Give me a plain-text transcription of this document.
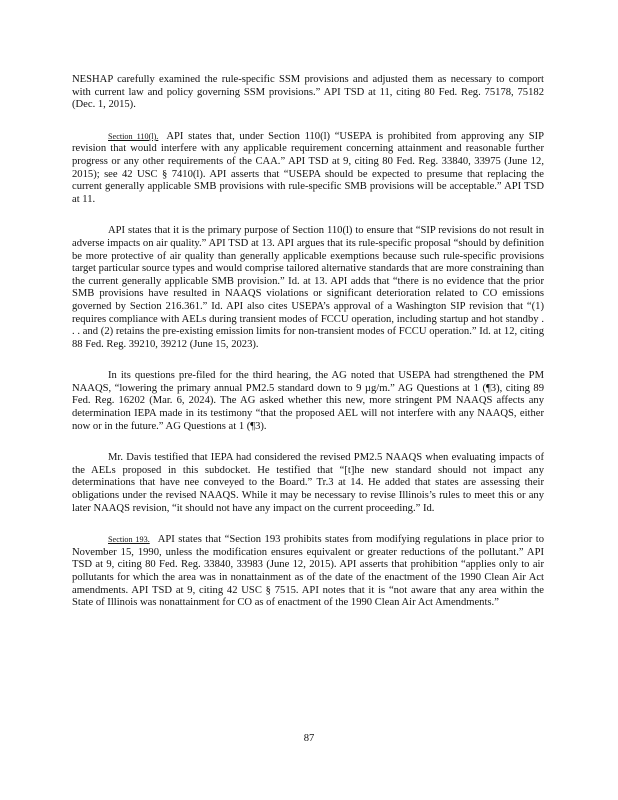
NESHAP carefully examined the rule-specific SSM provisions and adjusted them as necessary to comport with current law and policy governing SSM provisions.” API TSD at 11, citing 80 Fed. Reg. 75178, 75182 (Dec. 1, 2015).

Section 110(l). API states that, under Section 110(l) “USEPA is prohibited from approving any SIP revision that would interfere with any applicable requirement concerning attainment and reasonable further progress or any other requirements of the CAA.” API TSD at 9, citing 80 Fed. Reg. 33840, 33975 (June 12, 2015); see 42 USC § 7410(l). API asserts that “USEPA should be expected to presume that replacing the current generally applicable SMB provisions with rule-specific SMB provisions will be acceptable.” API TSD at 11.

API states that it is the primary purpose of Section 110(l) to ensure that “SIP revisions do not result in adverse impacts on air quality.” API TSD at 13. API argues that its rule-specific proposal “should by definition be more protective of air quality than generally applicable exemptions because such rule-specific provisions target particular source types and would comprise tailored alternative standards that are more constraining than the current generally applicable SMB provision.” Id. at 13. API adds that “there is no evidence that the prior SMB provisions have resulted in NAAQS violations or significant deterioration related to CO emissions governed by Section 216.361.” Id. API also cites USEPA’s approval of a Washington SIP revision that “(1) requires compliance with AELs during transient modes of FCCU operation, including startup and hot standby . . . and (2) retains the pre-existing emission limits for non-transient modes of FCCU operation.” Id. at 12, citing 88 Fed. Reg. 39210, 39212 (June 15, 2023).

In its questions pre-filed for the third hearing, the AG noted that USEPA had strengthened the PM NAAQS, “lowering the primary annual PM2.5 standard down to 9 µg/m.” AG Questions at 1 (¶3), citing 89 Fed. Reg. 16202 (Mar. 6, 2024). The AG asked whether this new, more stringent PM NAAQS affects any determination IEPA made in its testimony “that the proposed AEL will not interfere with any NAAQS, either now or in the future.” AG Questions at 1 (¶3).

Mr. Davis testified that IEPA had considered the revised PM2.5 NAAQS when evaluating impacts of the AELs proposed in this subdocket. He testified that “[t]he new standard should not impact any determinations that have nee conveyed to the Board.” Tr.3 at 14. He added that states are assessing their obligations under the revised NAAQS. While it may be necessary to revise Illinois’s rules to meet this or any later NAAQS revision, “it should not have any impact on the current proceeding.” Id.

Section 193. API states that “Section 193 prohibits states from modifying regulations in place prior to November 15, 1990, unless the modification ensures equivalent or greater reductions of the pollutant.” API TSD at 9, citing 80 Fed. Reg. 33840, 33983 (June 12, 2015). API asserts that prohibition “applies only to air pollutants for which the area was in nonattainment as of the date of the enactment of the 1990 Clean Air Act amendments. API TSD at 9, citing 42 USC § 7515. API notes that it is “not aware that any area within the State of Illinois was nonattainment for CO as of enactment of the 1990 Clean Air Act Amendments.”

87
